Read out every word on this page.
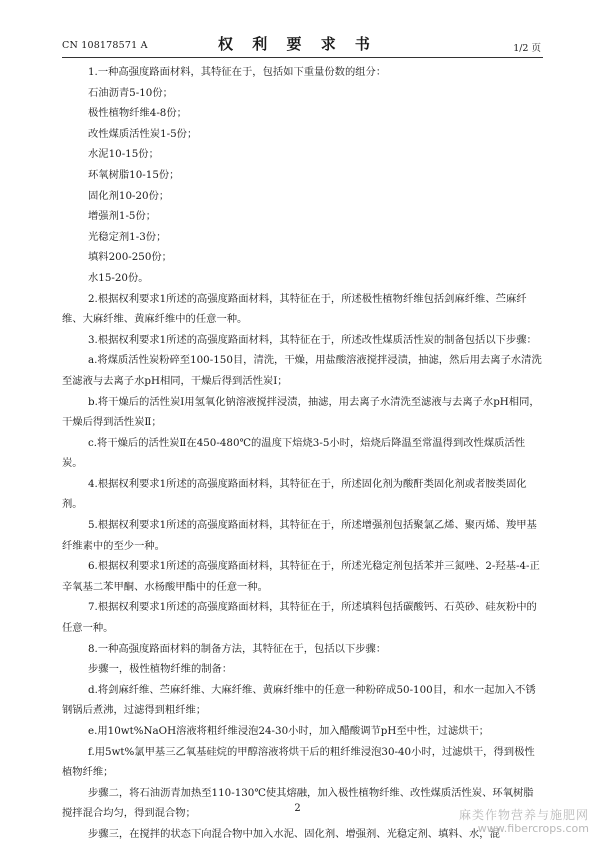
CN 108178571 A	权 利 要 求 书	1/2 页

1.一种高强度路面材料，其特征在于，包括如下重量份数的组分：

石油沥青5-10份；

极性植物纤维4-8份；

改性煤质活性炭1-5份；

水泥10-15份；

环氧树脂10-15份；

固化剂10-20份；

增强剂1-5份；

光稳定剂1-3份；

填料200-250份；

水15-20份。

2.根据权利要求1所述的高强度路面材料，其特征在于，所述极性植物纤维包括剑麻纤维、苎麻纤维、大麻纤维、黄麻纤维中的任意一种。

3.根据权利要求1所述的高强度路面材料，其特征在于，所述改性煤质活性炭的制备包括以下步骤：

a.将煤质活性炭粉碎至100-150目，清洗，干燥，用盐酸溶液搅拌浸渍，抽滤，然后用去离子水清洗至滤液与去离子水pH相同，干燥后得到活性炭Ⅰ；

b.将干燥后的活性炭Ⅰ用氢氧化钠溶液搅拌浸渍，抽滤，用去离子水清洗至滤液与去离子水pH相同，干燥后得到活性炭Ⅱ；

c.将干燥后的活性炭Ⅱ在450-480℃的温度下焙烧3-5小时，焙烧后降温至常温得到改性煤质活性炭。

4.根据权利要求1所述的高强度路面材料，其特征在于，所述固化剂为酸酐类固化剂或者胺类固化剂。

5.根据权利要求1所述的高强度路面材料，其特征在于，所述增强剂包括聚氯乙烯、聚丙烯、羧甲基纤维素中的至少一种。

6.根据权利要求1所述的高强度路面材料，其特征在于，所述光稳定剂包括苯并三氮唑、2-羟基-4-正辛氧基二苯甲酮、水杨酸甲酯中的任意一种。

7.根据权利要求1所述的高强度路面材料，其特征在于，所述填料包括碳酸钙、石英砂、硅灰粉中的任意一种。

8.一种高强度路面材料的制备方法，其特征在于，包括以下步骤：

步骤一，极性植物纤维的制备：

d.将剑麻纤维、苎麻纤维、大麻纤维、黄麻纤维中的任意一种粉碎成50-100目，和水一起加入不锈钢锅后煮沸，过滤得到粗纤维；

e.用10wt%NaOH溶液将粗纤维浸泡24-30小时，加入醋酸调节pH至中性，过滤烘干；

f.用5wt%氯甲基三乙氧基硅烷的甲醇溶液将烘干后的粗纤维浸泡30-40小时，过滤烘干，得到极性植物纤维；

步骤二，将石油沥青加热至110-130℃使其熔融，加入极性植物纤维、改性煤质活性炭、环氧树脂搅拌混合均匀，得到混合物；

步骤三，在搅拌的状态下向混合物中加入水泥、固化剂、增强剂、光稳定剂、填料、水，混

2	麻类作物营养与施肥网
www.fibercrops.com
